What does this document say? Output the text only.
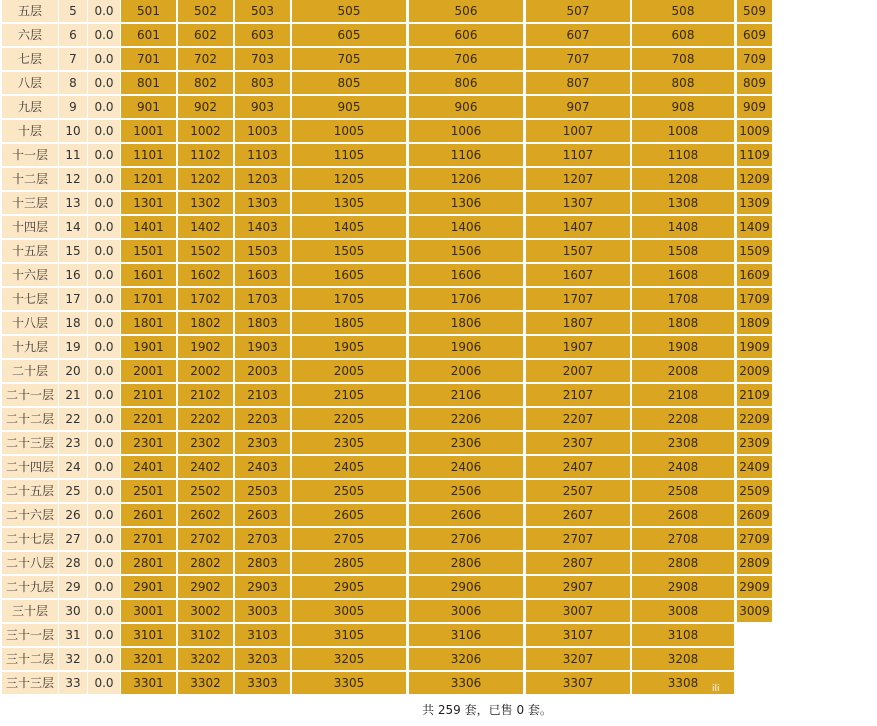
五层	5	0.0	501	502	503	505	506	507	508	509
六层	6	0.0	601	602	603	605	606	607	608	609
七层	7	0.0	701	702	703	705	706	707	708	709
八层	8	0.0	801	802	803	805	806	807	808	809
九层	9	0.0	901	902	903	905	906	907	908	909
十层	10	0.0	1001	1002	1003	1005	1006	1007	1008	1009
十一层	11	0.0	1101	1102	1103	1105	1106	1107	1108	1109
十二层	12	0.0	1201	1202	1203	1205	1206	1207	1208	1209
十三层	13	0.0	1301	1302	1303	1305	1306	1307	1308	1309
十四层	14	0.0	1401	1402	1403	1405	1406	1407	1408	1409
十五层	15	0.0	1501	1502	1503	1505	1506	1507	1508	1509
十六层	16	0.0	1601	1602	1603	1605	1606	1607	1608	1609
十七层	17	0.0	1701	1702	1703	1705	1706	1707	1708	1709
十八层	18	0.0	1801	1802	1803	1805	1806	1807	1808	1809
十九层	19	0.0	1901	1902	1903	1905	1906	1907	1908	1909
二十层	20	0.0	2001	2002	2003	2005	2006	2007	2008	2009
二十一层 21	0.0	2101	2102	2103	2105	2106	2107	2108	2109
二十二层 22	0.0	2201	2202	2203	2205	2206	2207	2208	2209
二十三层 23	0.0	2301	2302	2303	2305	2306	2307	2308	2309
二十四层 24	0.0	2401	2402	2403	2405	2406	2407	2408	2409
二十五层 25	0.0	2501	2502	2503	2505	2506	2507	2508	2509
二十六层 26	0.0	2601	2602	2603	2605	2606	2607	2608	2609
二十七层 27	0.0	2701	2702	2703	2705	2706	2707	2708	2709
二十八层 28	0.0	2801	2802	2803	2805	2806	2807	2808	2809
二十九层 29	0.0	2901	2902	2903	2905	2906	2907	2908	2909
三十层	30	0.0	3001	3002	3003	3005	3006	3007	3008	3009
三十一层 31	0.0	3101	3102	3103	3105	3106	3107	3108
三十二层 32	0.0	3201	3202	3203	3205	3206	3207	3208
三十三层 33	0.0	3301	3302	3303	3305	3306	3307	3308
共 259 套，已售 0 套。
ili
